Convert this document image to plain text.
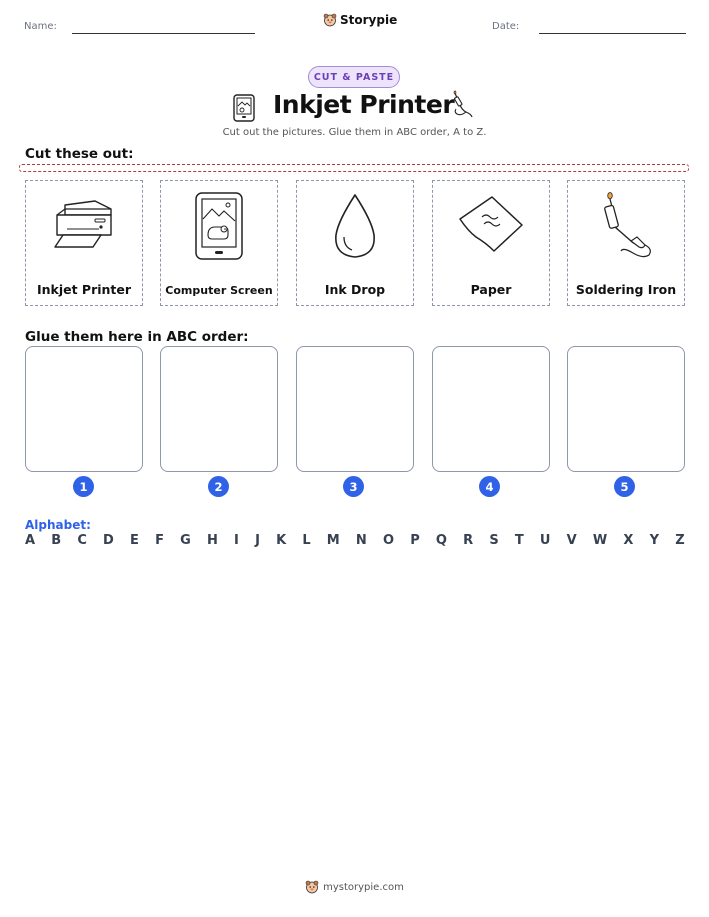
Name:	Storypie	Date:
CUT & PASTE
Inkjet Printer
Cut out the pictures. Glue them in ABC order, A to Z.
Cut these out:
Inkjet Printer	Computer Screen	Ink Drop	Paper	Soldering Iron
Glue them here in ABC order:
1	2	3	4	5
Alphabet:
A B C D E F G H I J K L M N O P Q R S T U V W X Y Z
mystorypie.com
